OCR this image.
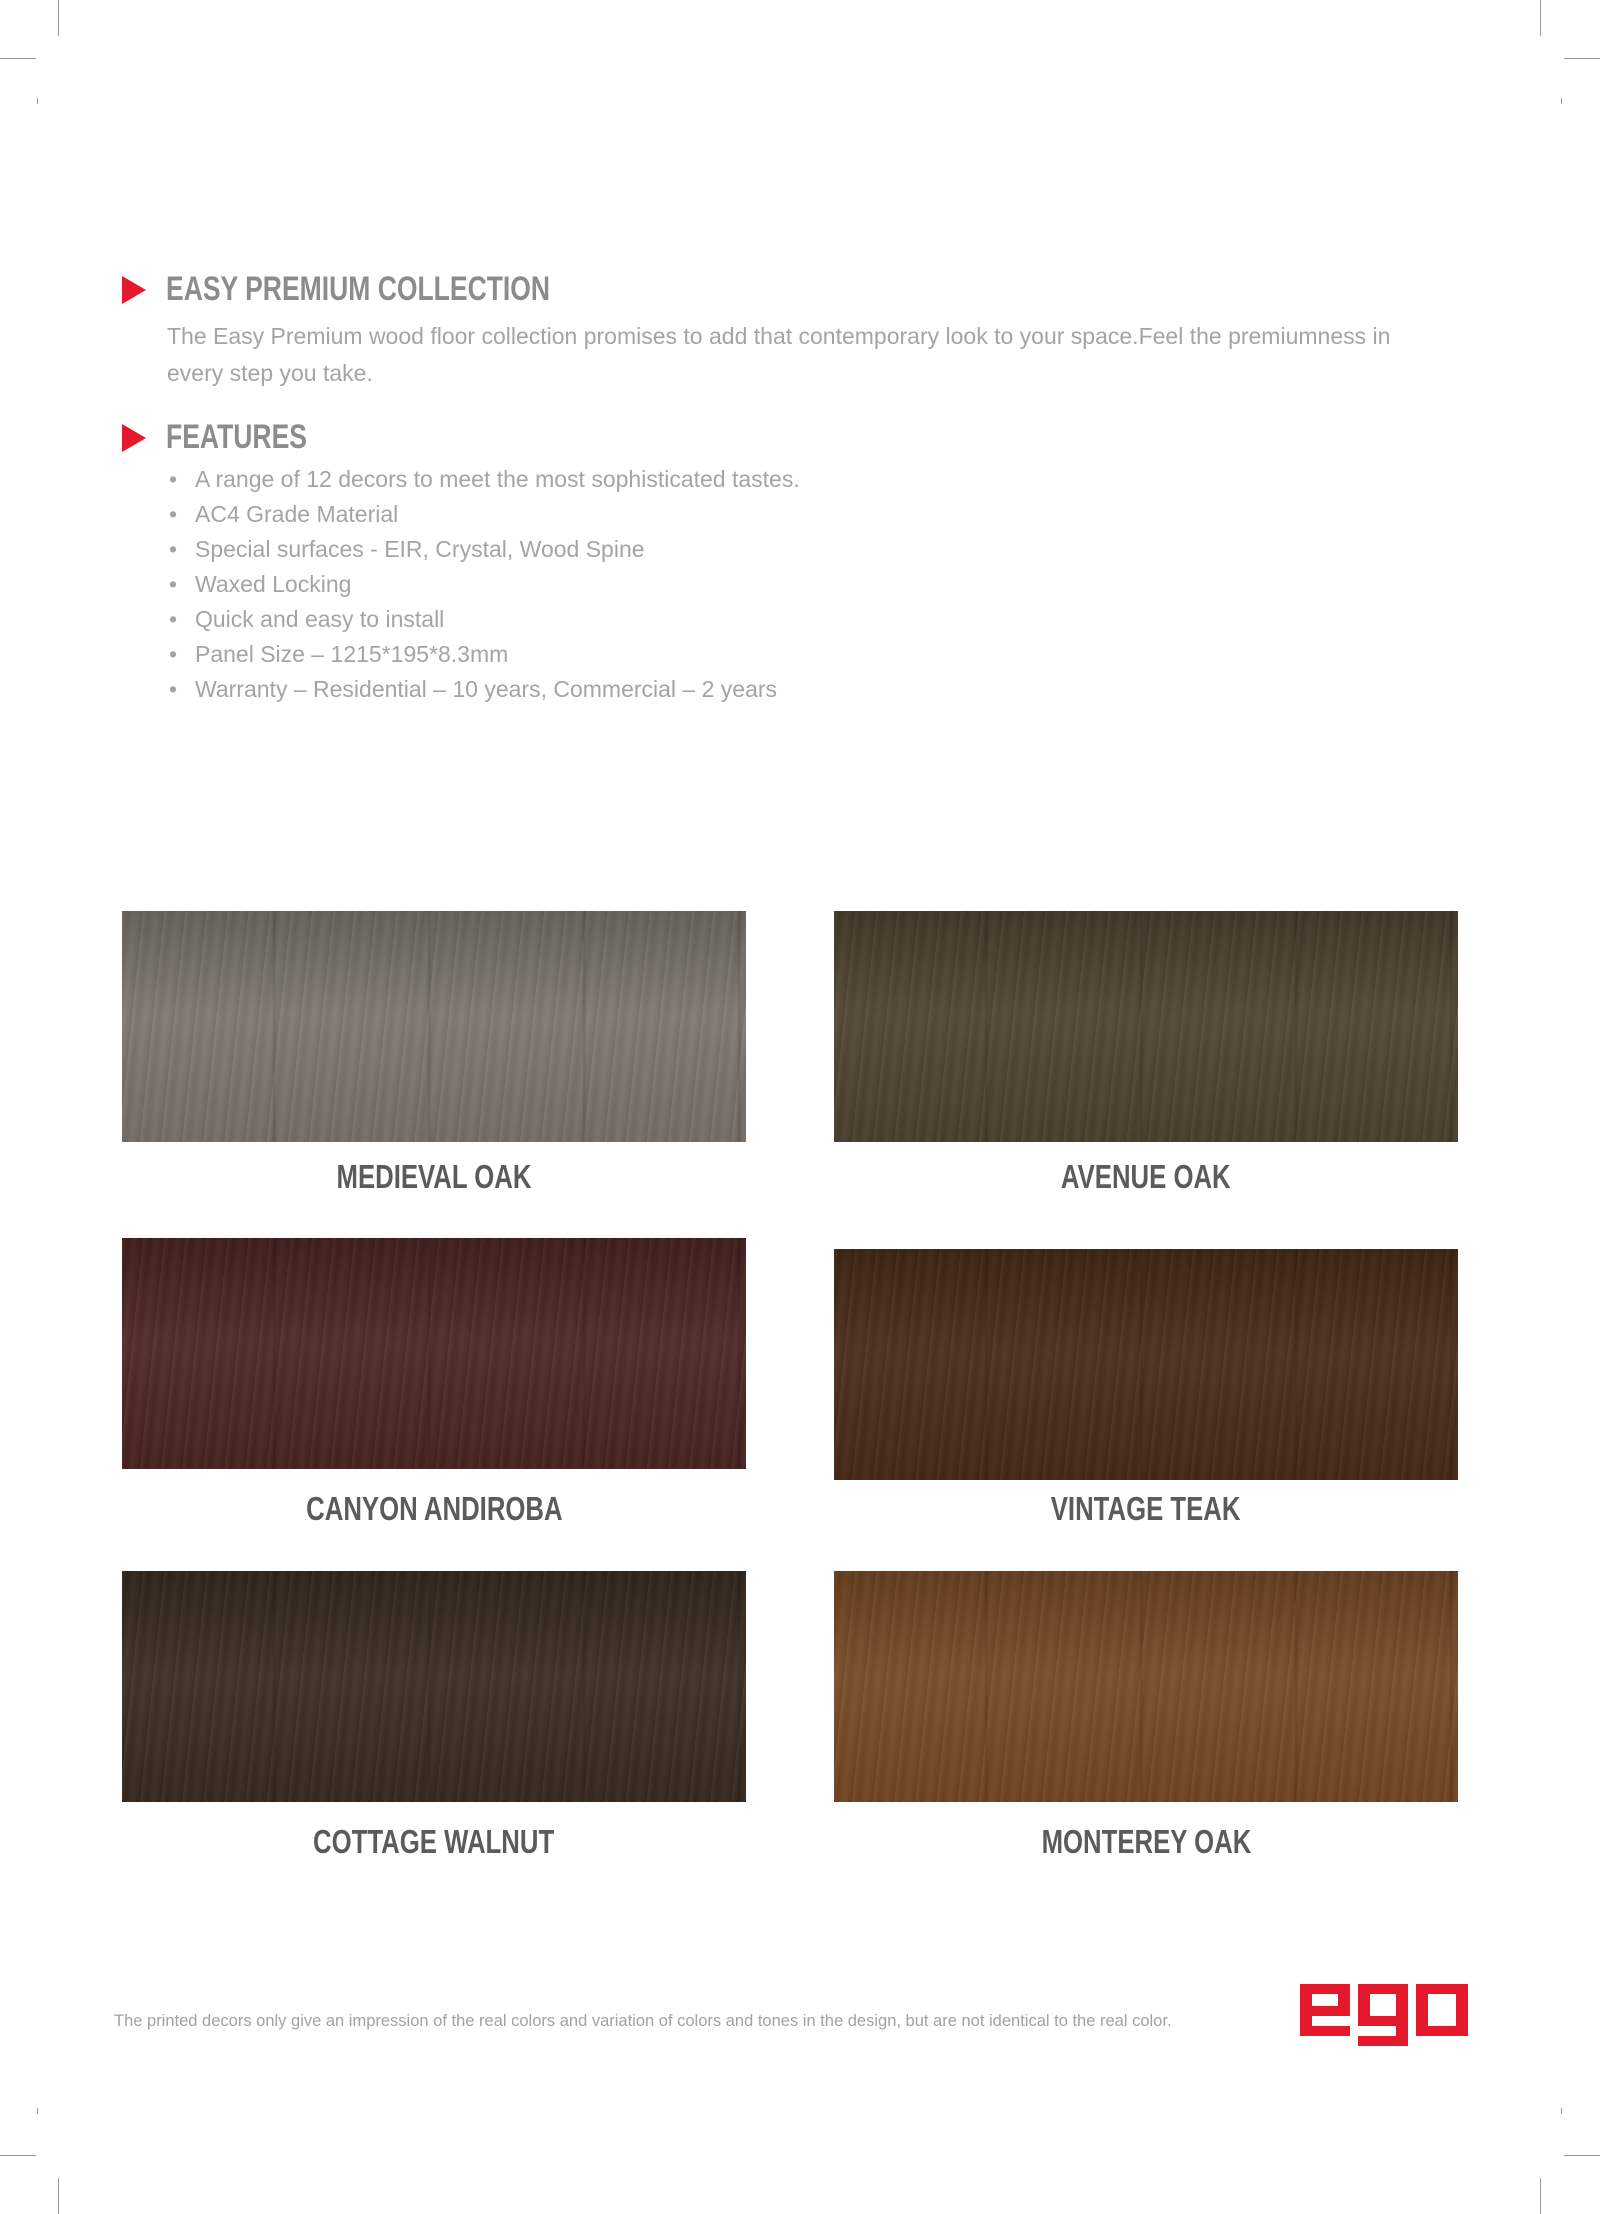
EASY PREMIUM COLLECTION
The Easy Premium wood floor collection promises to add that contemporary look to your space.Feel the premiumness in every step you take.
FEATURES
• A range of 12 decors to meet the most sophisticated tastes.
• AC4 Grade Material
• Special surfaces - EIR, Crystal, Wood Spine
• Waxed Locking
• Quick and easy to install
• Panel Size – 1215*195*8.3mm
• Warranty – Residential – 10 years, Commercial – 2 years
MEDIEVAL OAK	AVENUE OAK
CANYON ANDIROBA	VINTAGE TEAK
COTTAGE WALNUT	MONTEREY OAK
The printed decors only give an impression of the real colors and variation of colors and tones in the design, but are not identical to the real color.
